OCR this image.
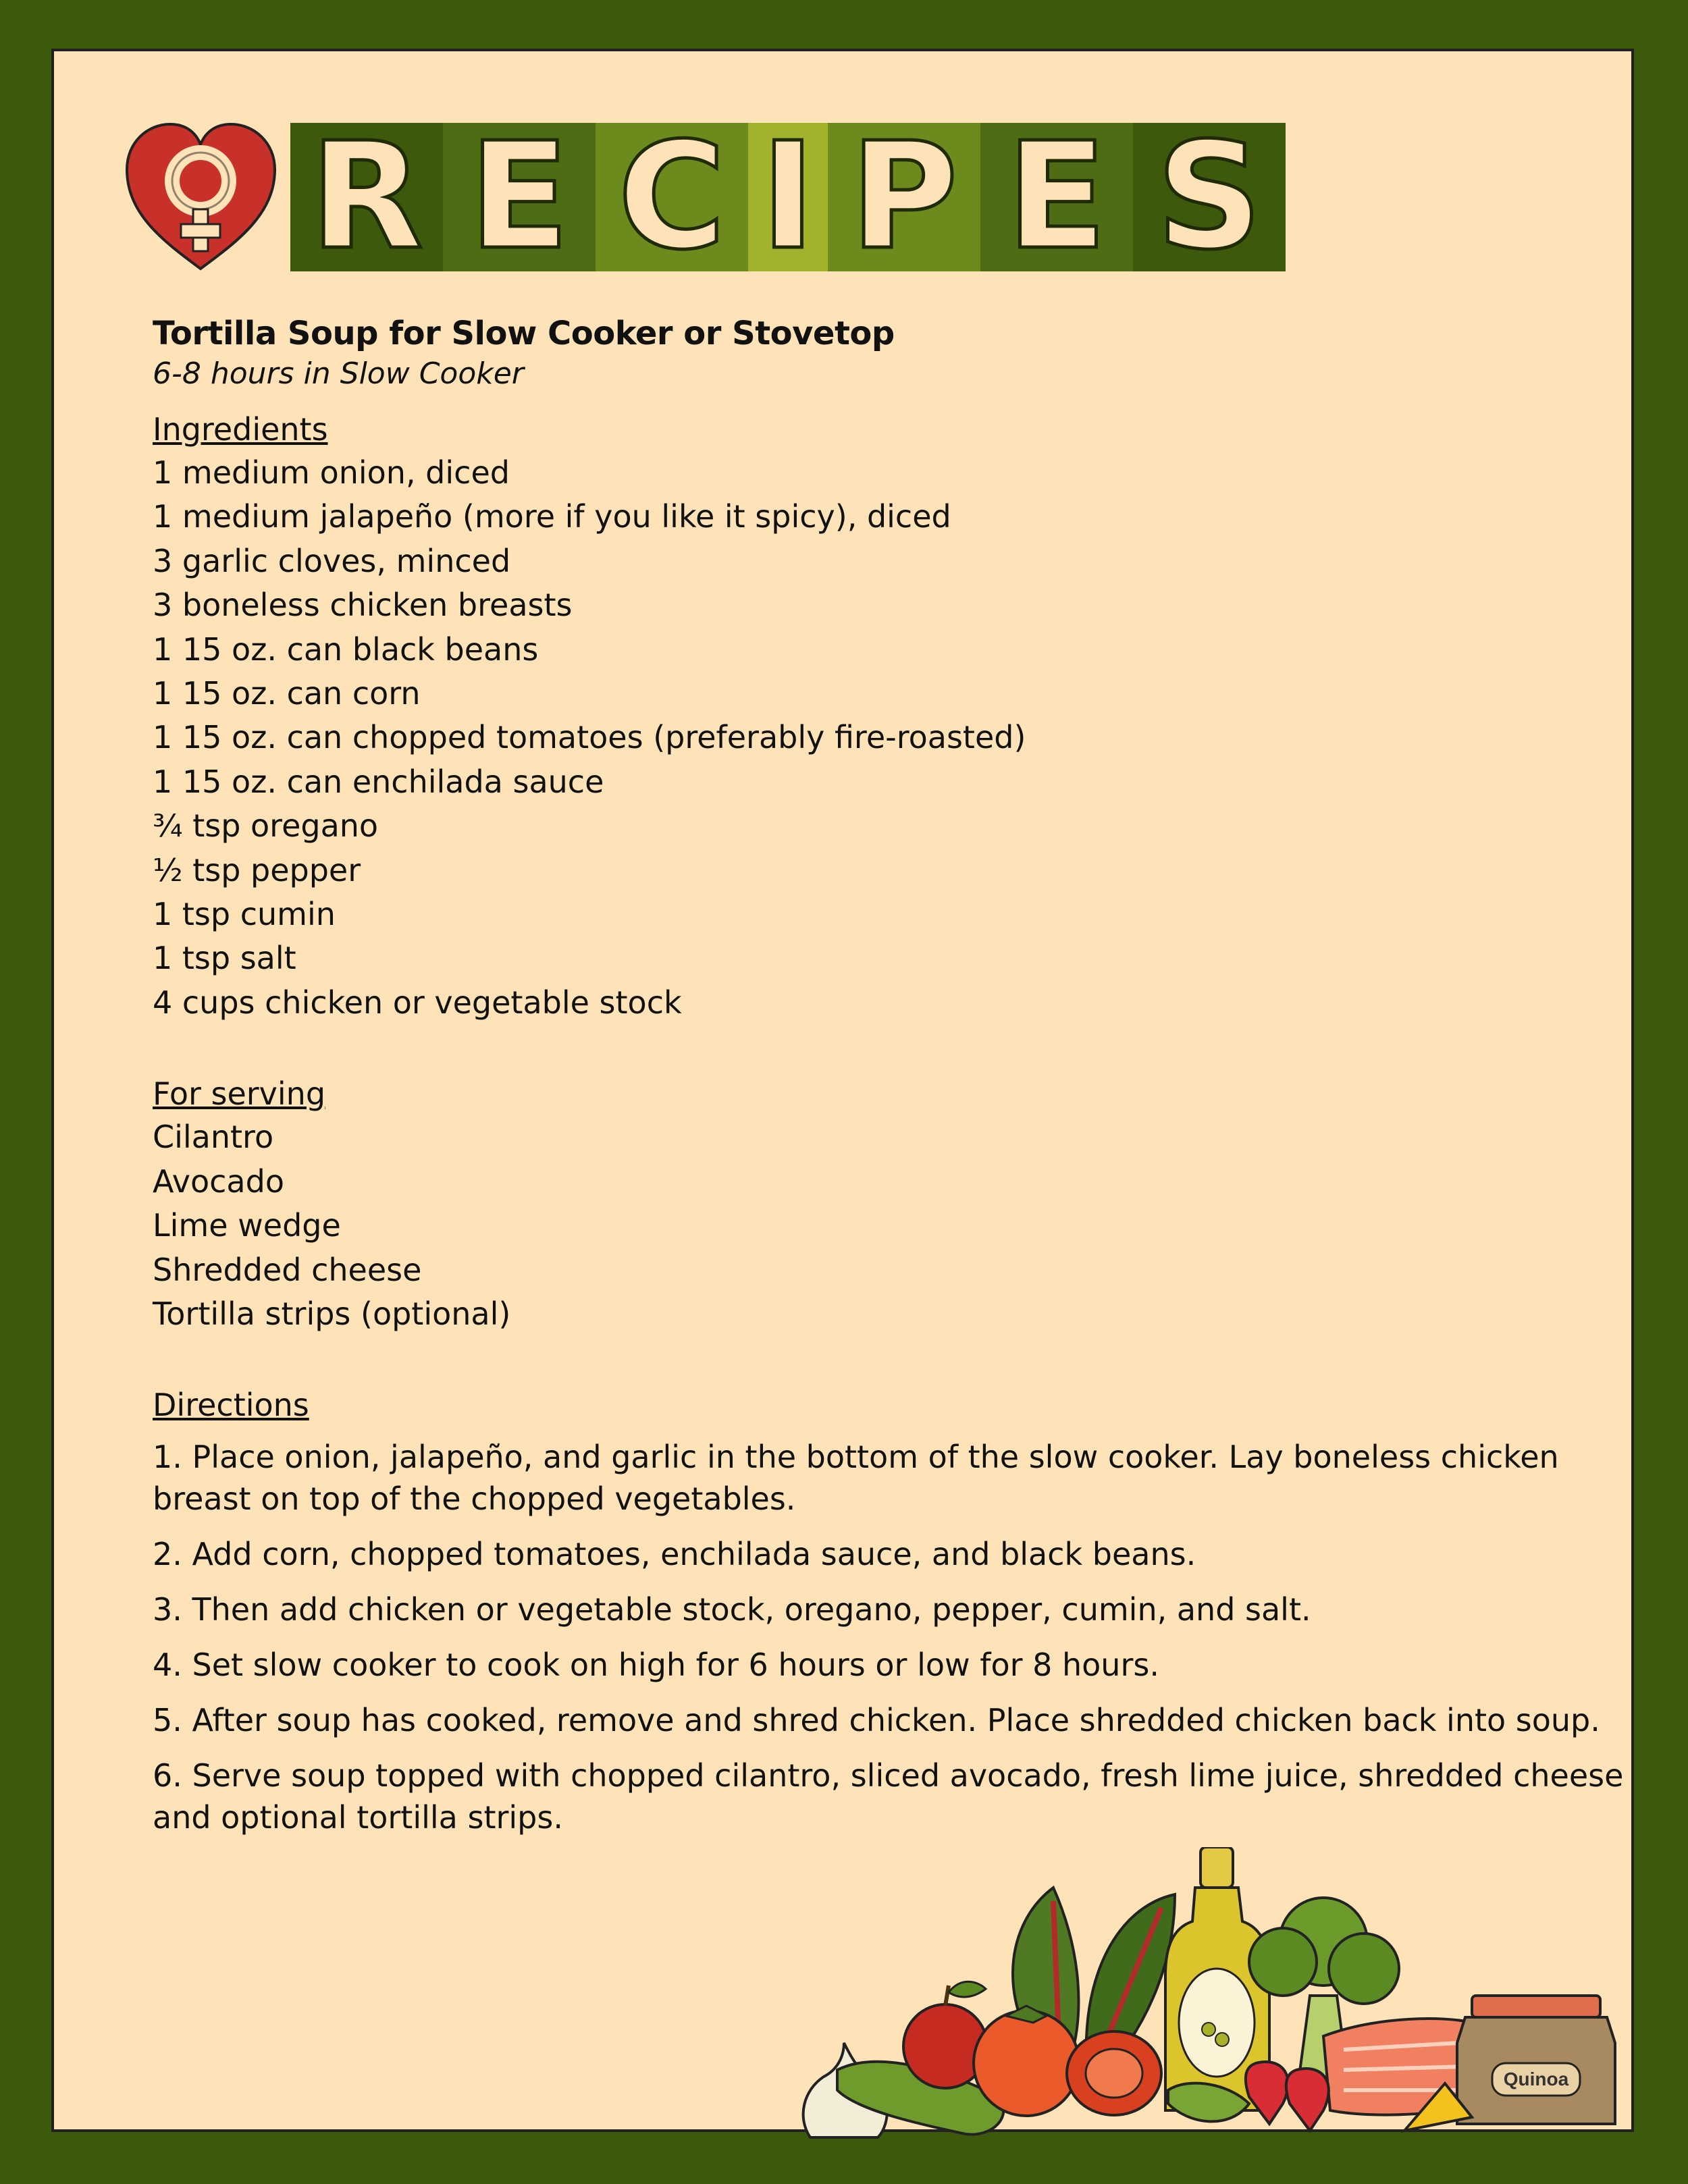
R E C I P E S

Tortilla Soup for Slow Cooker or Stovetop

6-8 hours in Slow Cooker

Ingredients

1 medium onion, diced

1 medium jalapeño (more if you like it spicy), diced

3 garlic cloves, minced

3 boneless chicken breasts

1 15 oz. can black beans

1 15 oz. can corn

1 15 oz. can chopped tomatoes (preferably fire-roasted)

1 15 oz. can enchilada sauce

¾ tsp oregano

½ tsp pepper

1 tsp cumin

1 tsp salt

4 cups chicken or vegetable stock

For serving

Cilantro

Avocado

Lime wedge

Shredded cheese

Tortilla strips (optional)

Directions

1. Place onion, jalapeño, and garlic in the bottom of the slow cooker. Lay boneless chicken breast on top of the chopped vegetables.

2. Add corn, chopped tomatoes, enchilada sauce, and black beans.

3. Then add chicken or vegetable stock, oregano, pepper, cumin, and salt.

4. Set slow cooker to cook on high for 6 hours or low for 8 hours.

5. After soup has cooked, remove and shred chicken. Place shredded chicken back into soup.

6. Serve soup topped with chopped cilantro, sliced avocado, fresh lime juice, shredded cheese and optional tortilla strips.

Quinoa
